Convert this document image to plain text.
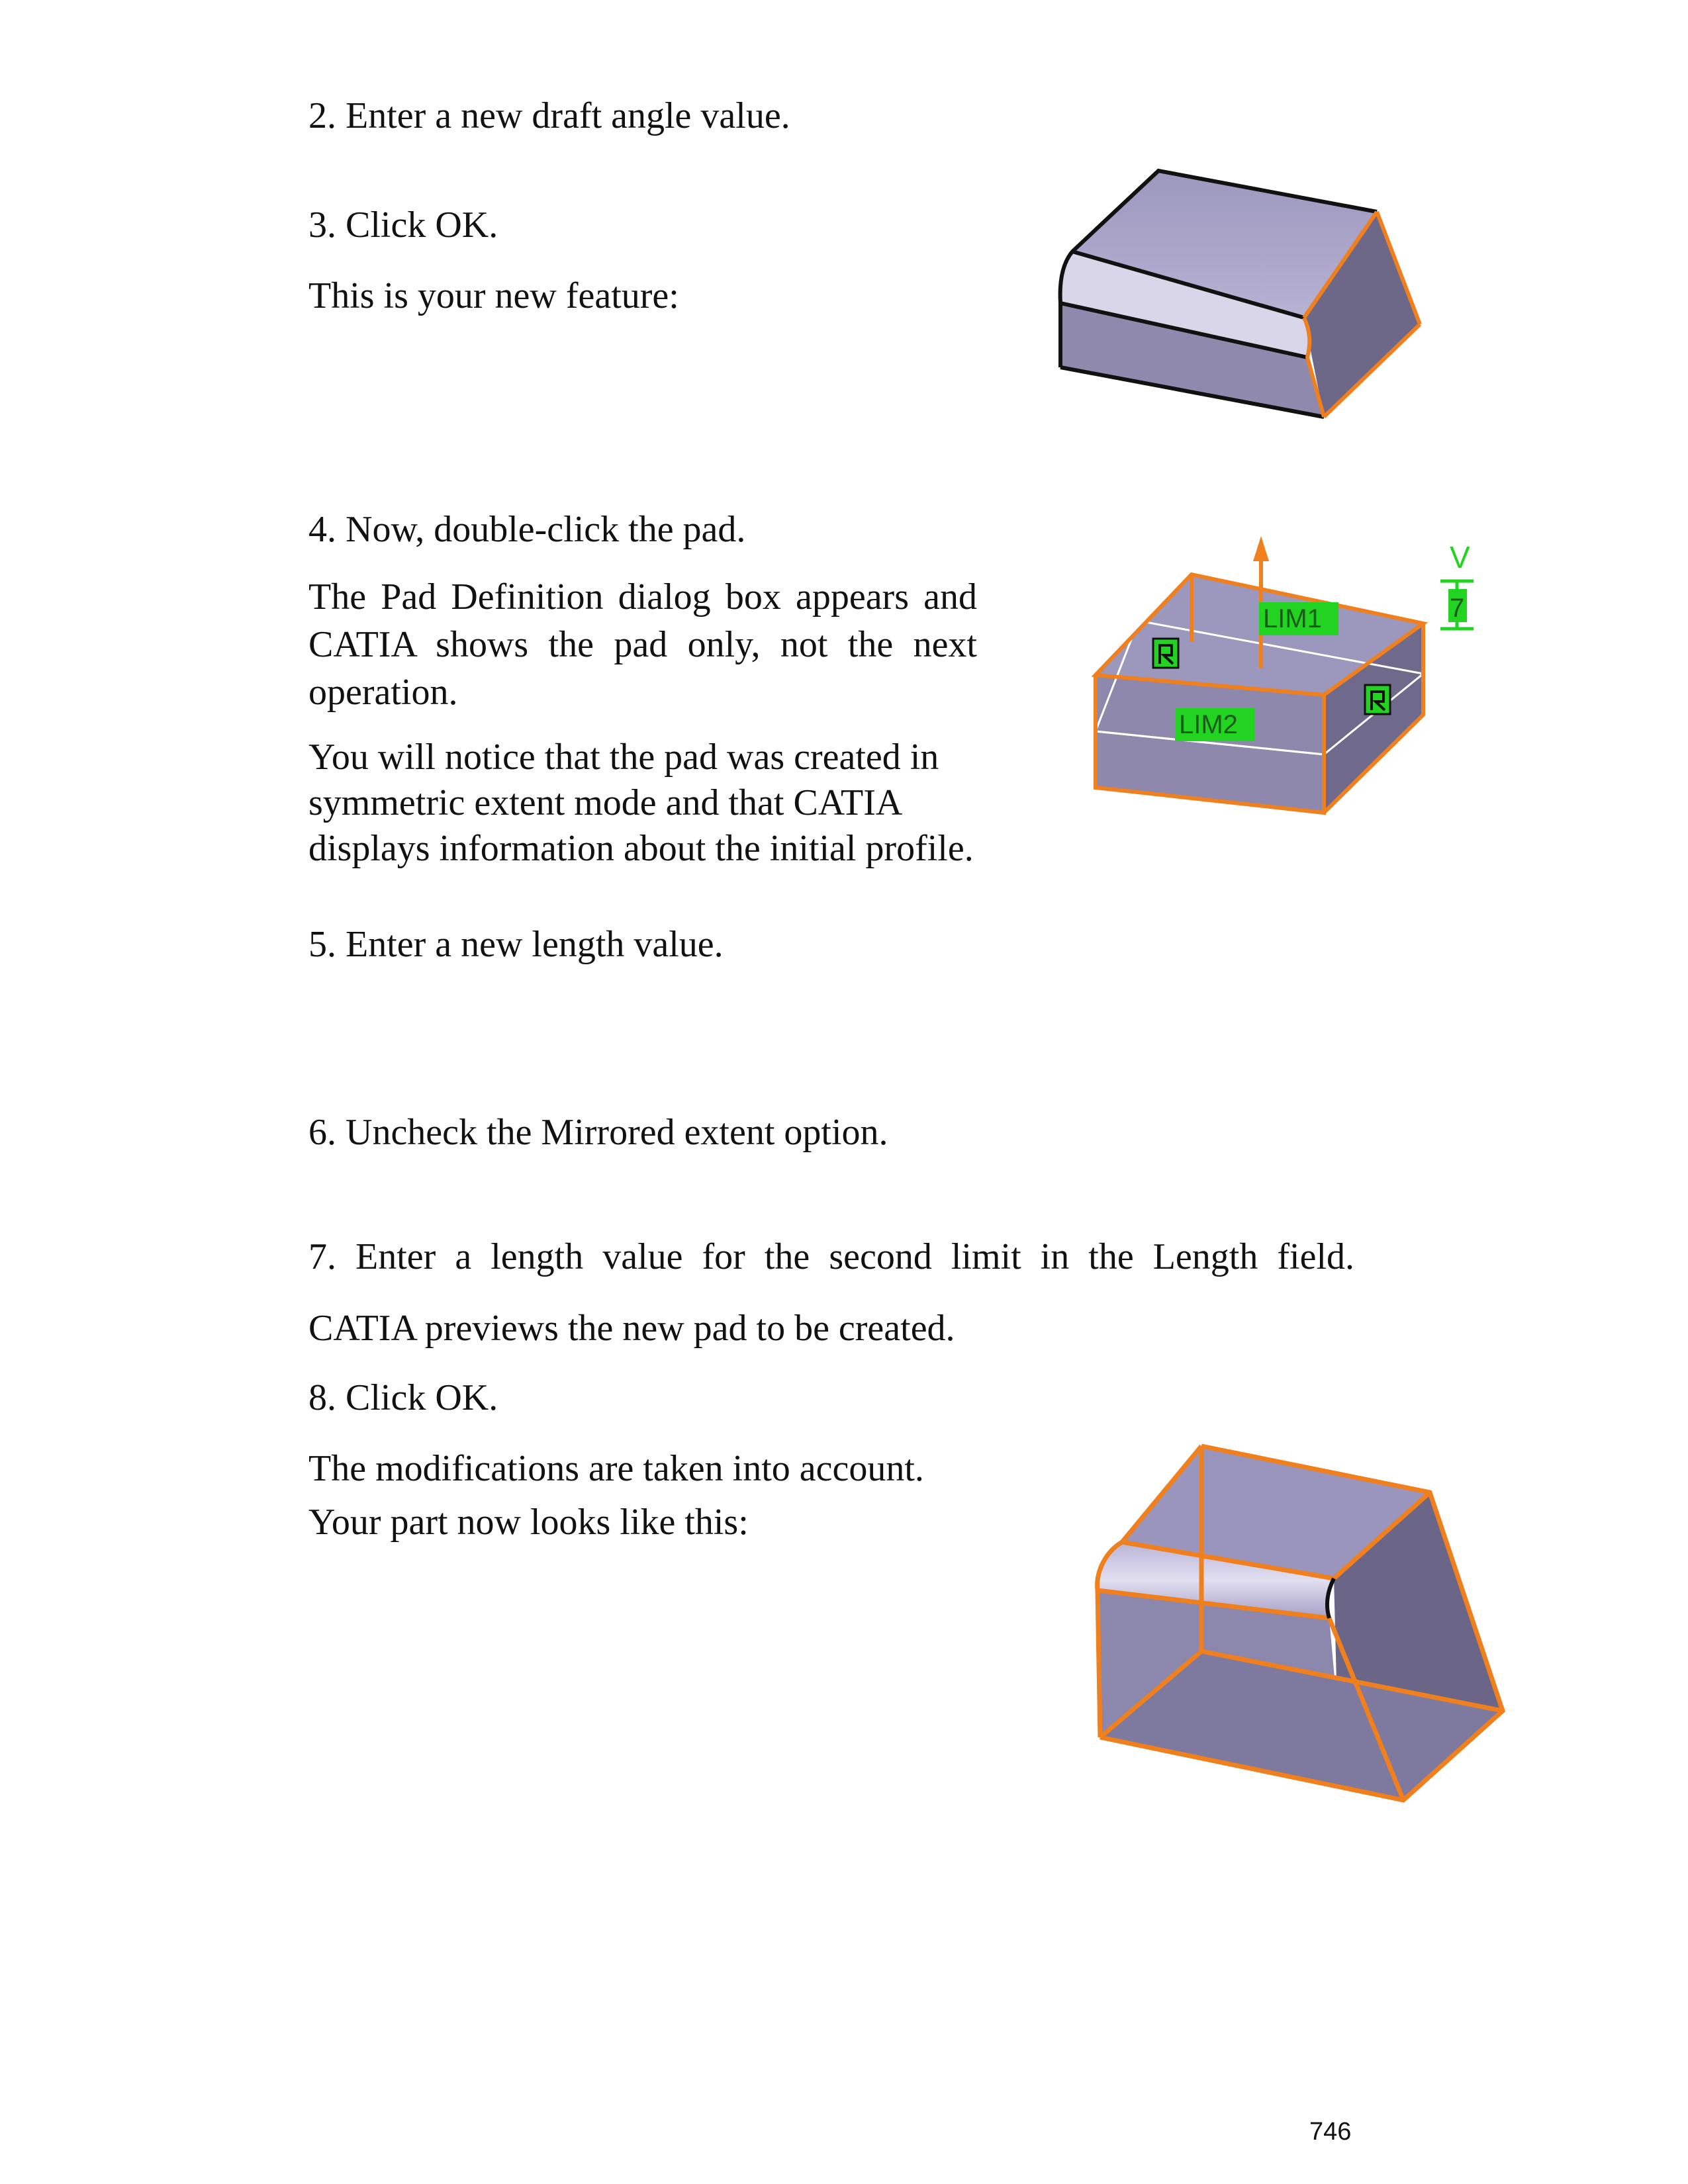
2. Enter a new draft angle value.

3. Click OK.

This is your new feature:

4. Now, double-click the pad.

The Pad Definition dialog box appears and CATIA shows the pad only, not the next operation.

You will notice that the pad was created in symmetric extent mode and that CATIA displays information about the initial profile.

5. Enter a new length value.

6. Uncheck the Mirrored extent option.

7. Enter a length value for the second limit in the Length field.

CATIA previews the new pad to be created.

8. Click OK.

The modifications are taken into account.

Your part now looks like this:

LIM1
LIM2
V
7
746
